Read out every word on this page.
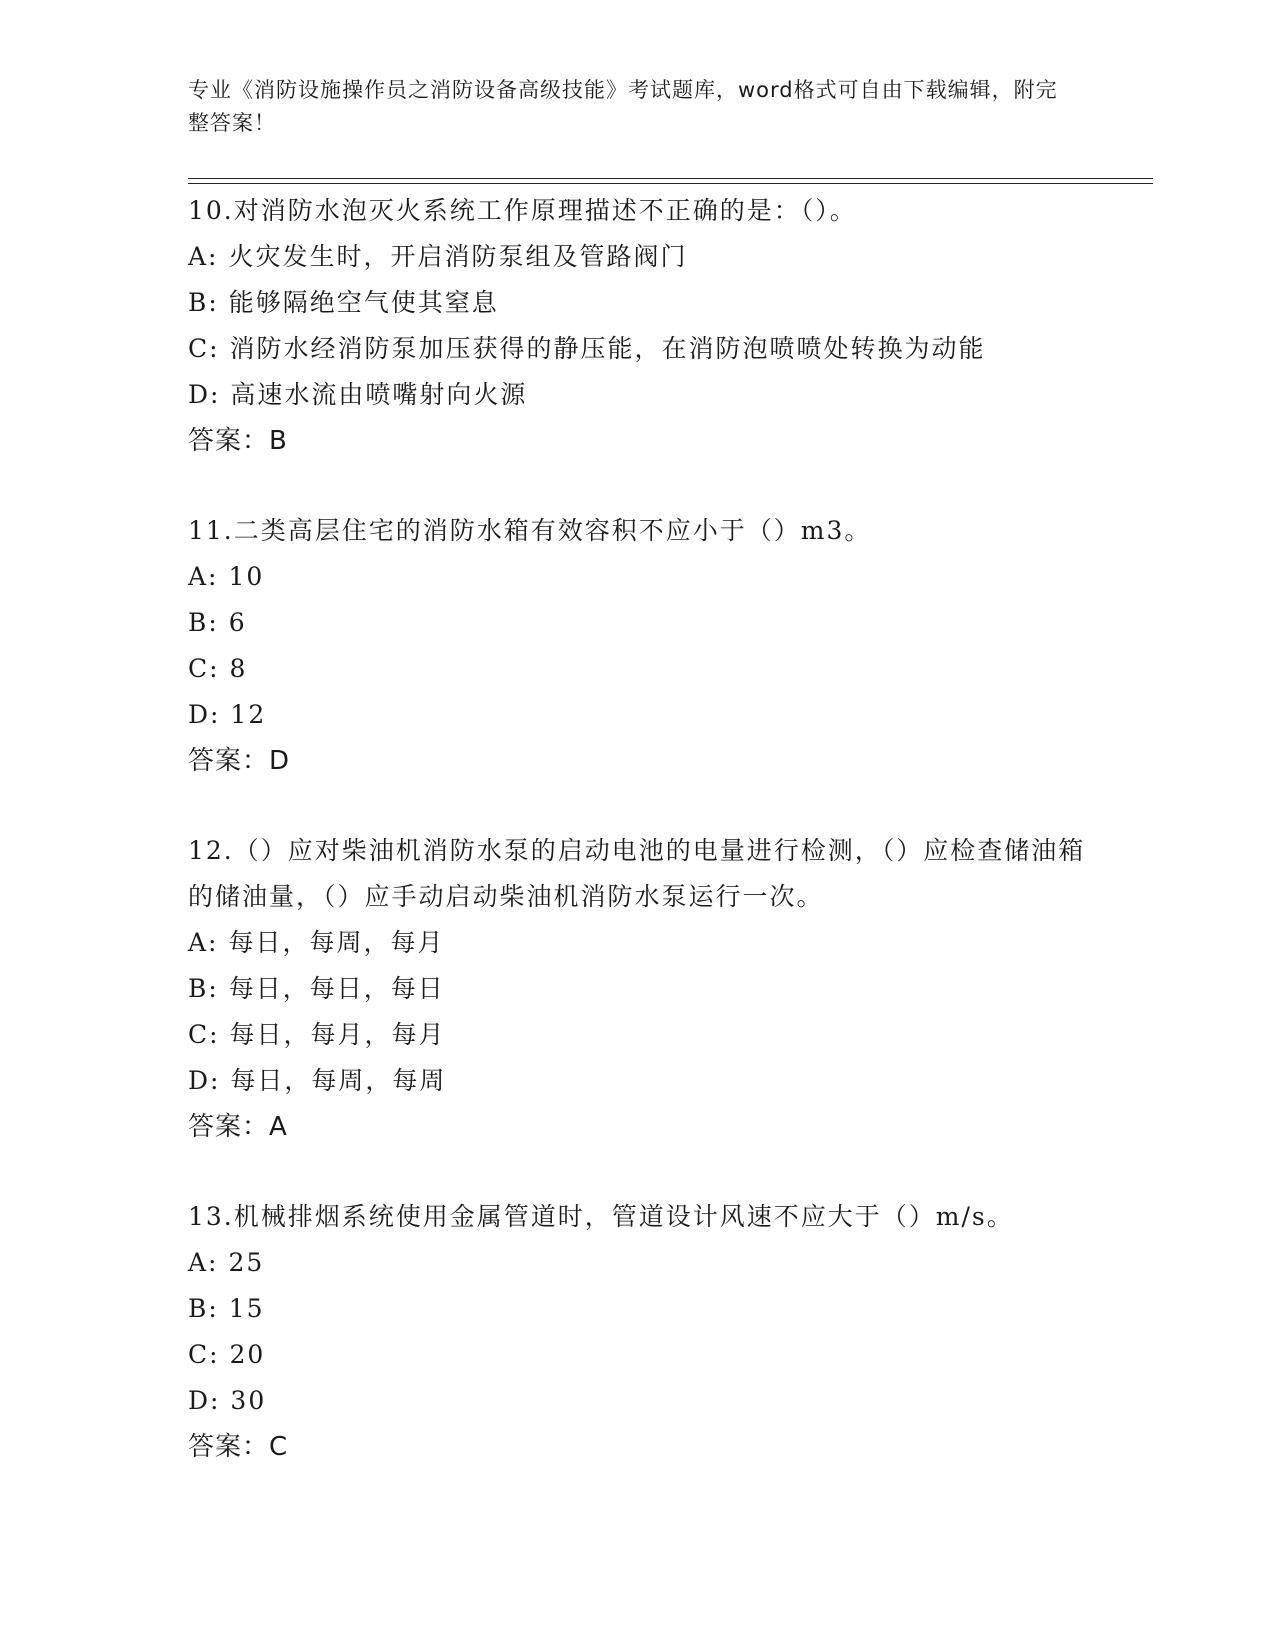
专业《消防设施操作员之消防设备高级技能》考试题库，word格式可自由下载编辑，附完整答案！
10.对消防水泡灭火系统工作原理描述不正确的是：（）。
A: 火灾发生时，开启消防泵组及管路阀门
B: 能够隔绝空气使其窒息
C: 消防水经消防泵加压获得的静压能，在消防泡喷喷处转换为动能
D: 高速水流由喷嘴射向火源
答案：B
11.二类高层住宅的消防水箱有效容积不应小于（）m3。
A: 10
B: 6
C: 8
D: 12
答案：D
12.（）应对柴油机消防水泵的启动电池的电量进行检测，（）应检查储油箱的储油量，（）应手动启动柴油机消防水泵运行一次。
A: 每日，每周，每月
B: 每日，每日，每日
C: 每日，每月，每月
D: 每日，每周，每周
答案：A
13.机械排烟系统使用金属管道时，管道设计风速不应大于（）m/s。
A: 25
B: 15
C: 20
D: 30
答案：C
